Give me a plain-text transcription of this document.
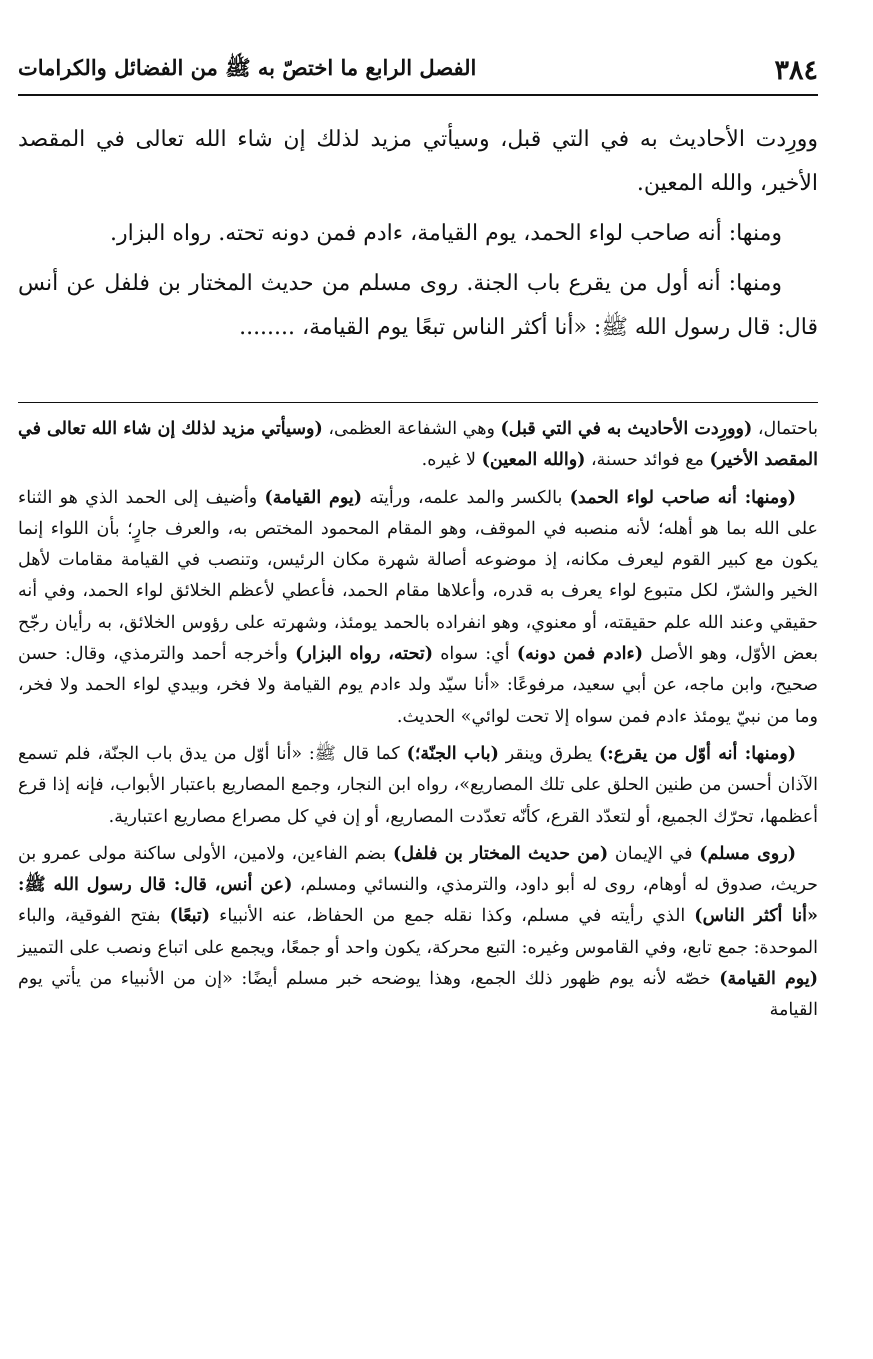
٣٨٤
الفصل الرابع ما اختصّ به ﷺ من الفضائل والكرامات

وورِدت الأحاديث به في التي قبل، وسيأتي مزيد لذلك إن شاء الله تعالى في المقصد الأخير، والله المعين.

ومنها: أنه صاحب لواء الحمد، يوم القيامة، ءادم فمن دونه تحته. رواه البزار.

ومنها: أنه أول من يقرع باب الجنة. روى مسلم من حديث المختار بن فلفل عن أنس قال: قال رسول الله ﷺ: «أنا أكثر الناس تبعًا يوم القيامة، ........

باحتمال، (وورِدت الأحاديث به في التي قبل) وهي الشفاعة العظمى، (وسيأتي مزيد لذلك إن شاء الله تعالى في المقصد الأخير) مع فوائد حسنة، (والله المعين) لا غيره.

(ومنها: أنه صاحب لواء الحمد) بالكسر والمد علمه، ورأيته (يوم القيامة) وأضيف إلى الحمد الذي هو الثناء على الله بما هو أهله؛ لأنه منصبه في الموقف، وهو المقام المحمود المختص به، والعرف جارٍ؛ بأن اللواء إنما يكون مع كبير القوم ليعرف مكانه، إذ موضوعه أصالة شهرة مكان الرئيس، وتنصب في القيامة مقامات لأهل الخير والشرّ، لكل متبوع لواء يعرف به قدره، وأعلاها مقام الحمد، فأعطي لأعظم الخلائق لواء الحمد، وفي أنه حقيقي وعند الله علم حقيقته، أو معنوي، وهو انفراده بالحمد يومئذ، وشهرته على رؤوس الخلائق، به رأيان رجّح بعض الأوّل، وهو الأصل (ءادم فمن دونه) أي: سواه (تحته، رواه البزار) وأخرجه أحمد والترمذي، وقال: حسن صحيح، وابن ماجه، عن أبي سعيد، مرفوعًا: «أنا سيّد ولد ءادم يوم القيامة ولا فخر، وبيدي لواء الحمد ولا فخر، وما من نبيّ يومئذ ءادم فمن سواه إلا تحت لوائي» الحديث.

(ومنها: أنه أوّل من يقرع:) يطرق وينقر (باب الجنّة؛) كما قال ﷺ: «أنا أوّل من يدق باب الجنّة، فلم تسمع الآذان أحسن من طنين الحلق على تلك المصاريع»، رواه ابن النجار، وجمع المصاريع باعتبار الأبواب، فإنه إذا قرع أعظمها، تحرّك الجميع، أو لتعدّد القرع، كأنّه تعدّدت المصاريع، أو إن في كل مصراع مصاريع اعتبارية.

(روى مسلم) في الإيمان (من حديث المختار بن فلفل) بضم الفاءين، ولامين، الأولى ساكنة مولى عمرو بن حريث، صدوق له أوهام، روى له أبو داود، والترمذي، والنسائي ومسلم، (عن أنس، قال: قال رسول الله ﷺ: «أنا أكثر الناس) الذي رأيته في مسلم، وكذا نقله جمع من الحفاظ، عنه الأنبياء (تبعًا) بفتح الفوقية، والباء الموحدة: جمع تابع، وفي القاموس وغيره: التبع محركة، يكون واحد أو جمعًا، ويجمع على اتباع ونصب على التمييز (يوم القيامة) خصّه لأنه يوم ظهور ذلك الجمع، وهذا يوضحه خبر مسلم أيضًا: «إن من الأنبياء من يأتي يوم القيامة
